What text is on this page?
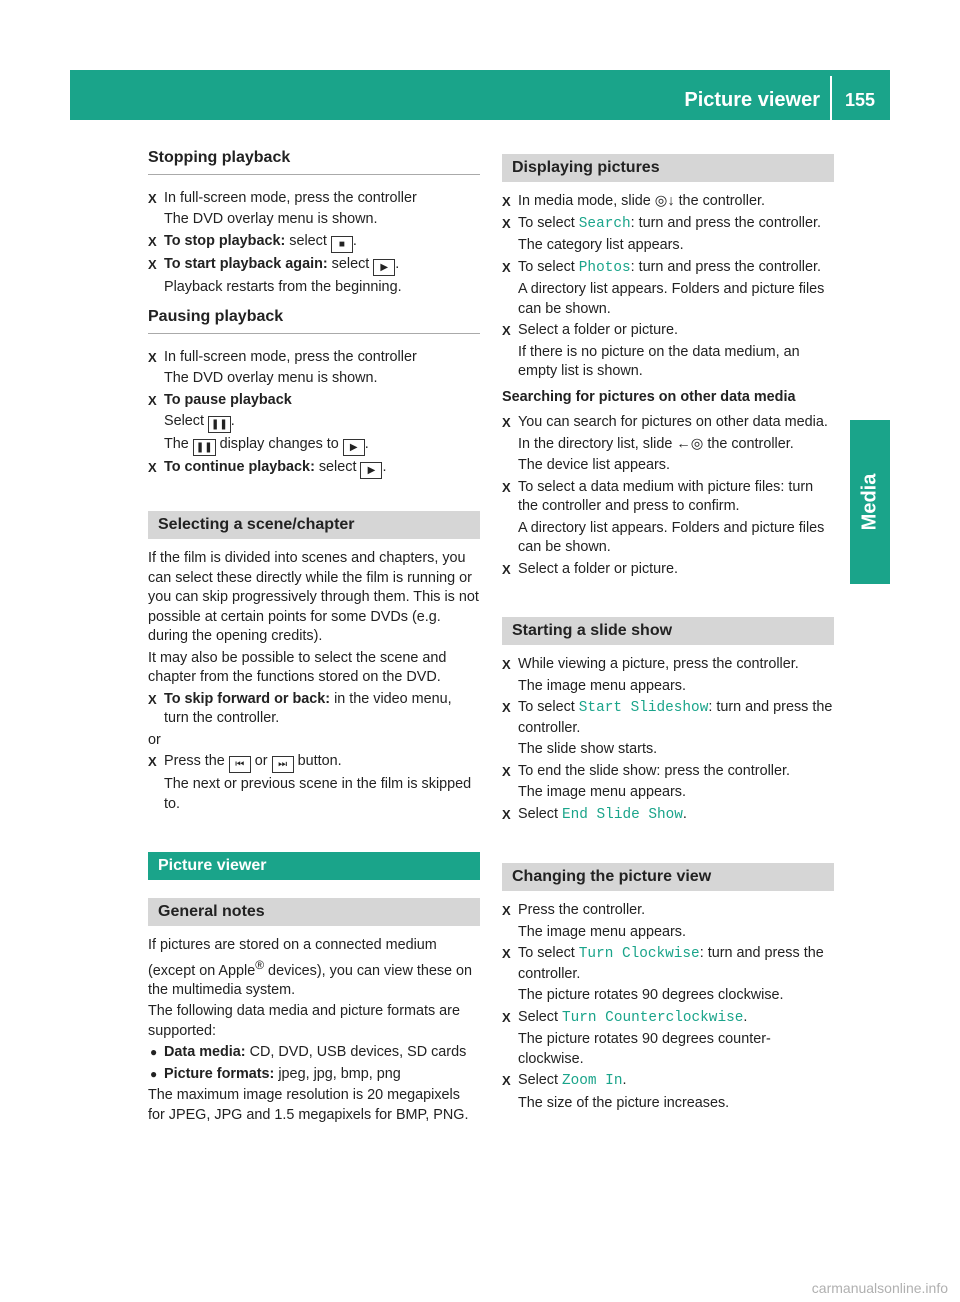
Picture viewer	155
Media
Stopping playback
X In full-screen mode, press the controller

The DVD overlay menu is shown.

X To stop playback: select ■ .

X To start playback again: select ▶ .

Playback restarts from the beginning.

Pausing playback
X In full-screen mode, press the controller

The DVD overlay menu is shown.

X To pause playback

Select ❚❚ .

The ❚❚ display changes to ▶ .

X To continue playback: select ▶ .

Selecting a scene/chapter

If the film is divided into scenes and chapters, you can select these directly while the film is running or you can skip progressively through them. This is not possible at certain points for some DVDs (e.g. during the opening credits).

It may also be possible to select the scene and chapter from the functions stored on the DVD.

X To skip forward or back: in the video menu, turn the controller.

or

X Press the ⏮ or ⏭ button.

The next or previous scene in the film is skipped to.

Picture viewer
General notes

If pictures are stored on a connected medium (except on Apple® devices), you can view these on the multimedia system.

The following data media and picture formats are supported:

● Data media: CD, DVD, USB devices, SD cards

● Picture formats: jpeg, jpg, bmp, png

The maximum image resolution is 20 megapixels for JPEG, JPG and 1.5 megapixels for BMP, PNG.

Displaying pictures
X In media mode, slide ◎↓ the controller.

X To select Search: turn and press the controller.

The category list appears.

X To select Photos: turn and press the controller.

A directory list appears. Folders and picture files can be shown.

X Select a folder or picture.

If there is no picture on the data medium, an empty list is shown.

Searching for pictures on other data media
X You can search for pictures on other data media.

In the directory list, slide ←◎ the controller.

The device list appears.

X To select a data medium with picture files: turn the controller and press to confirm.

A directory list appears. Folders and picture files can be shown.

X Select a folder or picture.

Starting a slide show
X While viewing a picture, press the controller.

The image menu appears.

X To select Start Slideshow: turn and press the controller.

The slide show starts.

X To end the slide show: press the controller.

The image menu appears.

X Select End Slide Show.

Changing the picture view
X Press the controller.

The image menu appears.

X To select Turn Clockwise: turn and press the controller.

The picture rotates 90 degrees clockwise.

X Select Turn Counterclockwise.

The picture rotates 90 degrees counter-clockwise.

X Select Zoom In.

The size of the picture increases.

carmanualsonline.info
